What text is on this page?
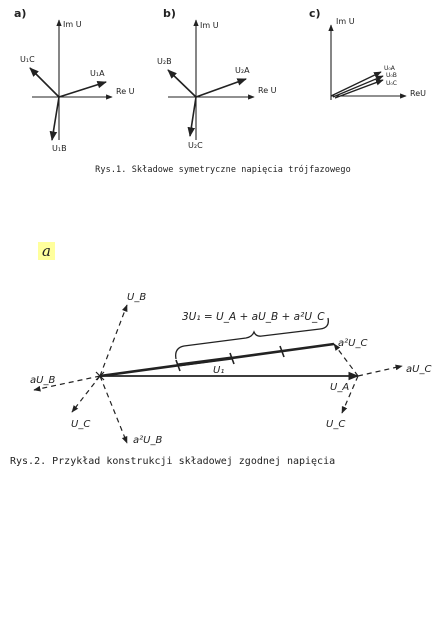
a)
Im U
Re U
U₁C
U₁A
U₁B
b)
Im U
Re U
U₂B
U₂A
U₂C
c)
Im U
ReU
U₀A
U₀B
U₀C
Rys.1. Składowe symetryczne napięcia trójfazowego
a
U_B
aU_B
U_C
a²U_B
U_A
aU_C
a²U_C
U_C
U₁
3U₁ = U_A + aU_B + a²U_C
Rys.2. Przykład konstrukcji składowej zgodnej napięcia
